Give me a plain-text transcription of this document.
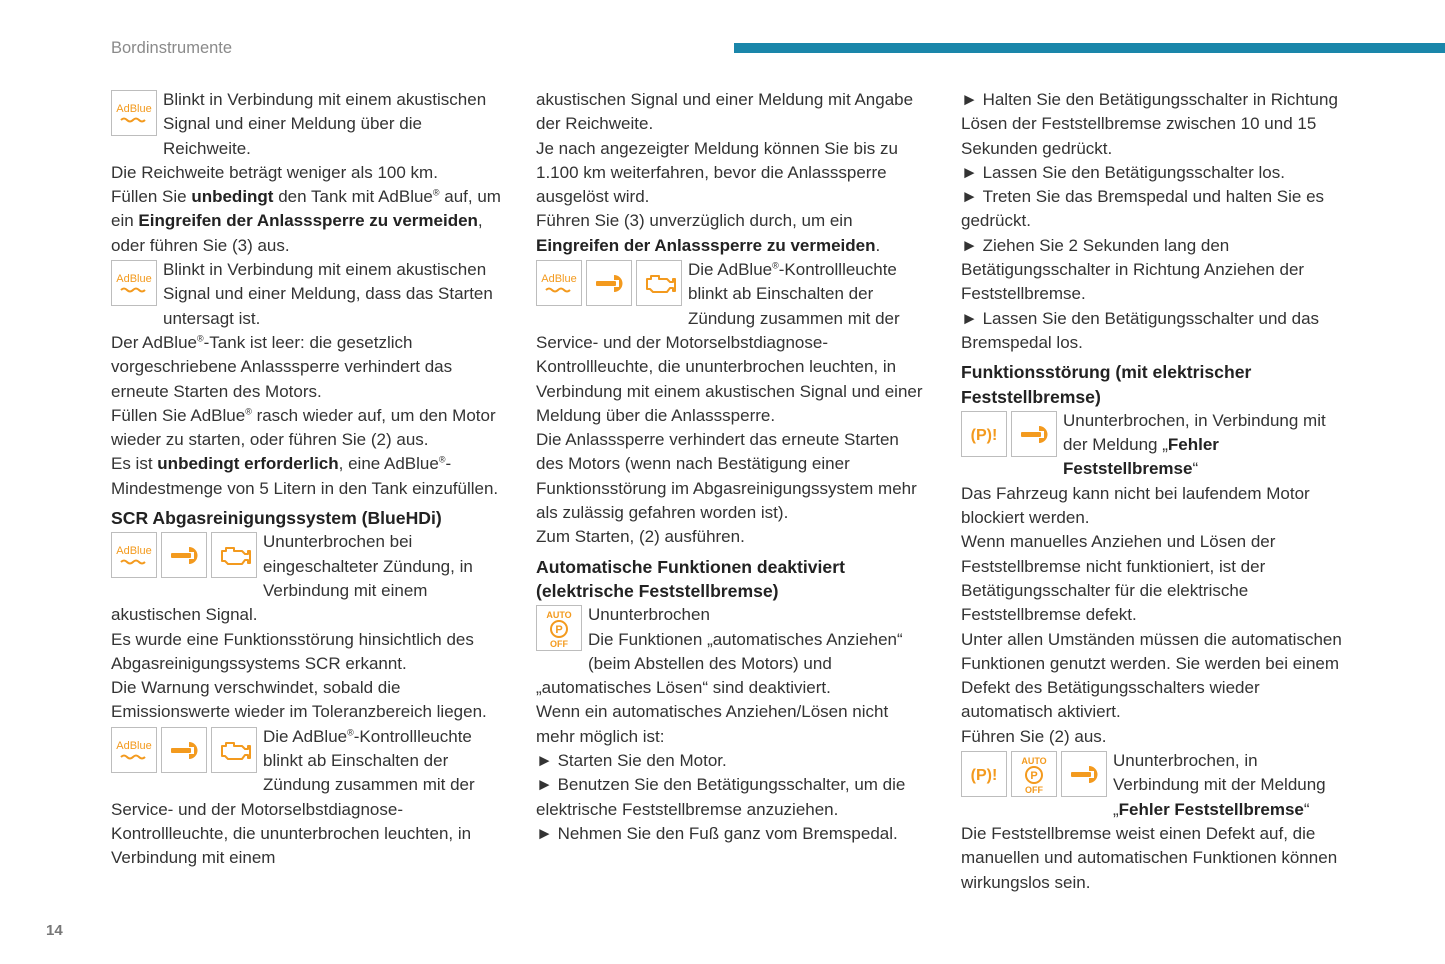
Bordinstrumente
AdBlue Blinkt in Verbindung mit einem akustischen
Signal und einer Meldung über die
Reichweite.

Die Reichweite beträgt weniger als 100 km.

Füllen Sie unbedingt den Tank mit AdBlue® auf, um ein Eingreifen der Anlasssperre zu vermeiden, oder führen Sie (3) aus.

AdBlue Blinkt in Verbindung mit einem akustischen
Signal und einer Meldung, dass das Starten
untersagt ist.

Der AdBlue®-Tank ist leer: die gesetzlich vorgeschriebene Anlasssperre verhindert das erneute Starten des Motors.

Füllen Sie AdBlue® rasch wieder auf, um den Motor wieder zu starten, oder führen Sie (2) aus.

Es ist unbedingt erforderlich, eine AdBlue®-Mindestmenge von 5 Litern in den Tank einzufüllen.

SCR Abgasreinigungssystem (BlueHDi)
AdBlue	Ununterbrochen bei
eingeschalteter Zündung, in
Verbindung mit einem akustischen Signal.

Es wurde eine Funktionsstörung hinsichtlich des Abgasreinigungssystems SCR erkannt.

Die Warnung verschwindet, sobald die Emissionswerte wieder im Toleranzbereich liegen.

AdBlue	Die AdBlue®-Kontrollleuchte
blinkt ab Einschalten der
Zündung zusammen mit der Service- und der Motorselbstdiagnose-Kontrollleuchte, die ununterbrochen leuchten, in Verbindung mit einem

akustischen Signal und einer Meldung mit Angabe der Reichweite.

Je nach angezeigter Meldung können Sie bis zu 1.100 km weiterfahren, bevor die Anlasssperre ausgelöst wird.

Führen Sie (3) unverzüglich durch, um ein Eingreifen der Anlasssperre zu vermeiden.

AdBlue	Die AdBlue®-Kontrollleuchte
blinkt ab Einschalten der
Zündung zusammen mit der Service- und der Motorselbstdiagnose-Kontrollleuchte, die ununterbrochen leuchten, in Verbindung mit einem akustischen Signal und einer Meldung über die Anlasssperre.

Die Anlasssperre verhindert das erneute Starten des Motors (wenn nach Bestätigung einer Funktionsstörung im Abgasreinigungssystem mehr als zulässig gefahren worden ist).

Zum Starten, (2) ausführen.

Automatische Funktionen deaktiviert (elektrische Feststellbremse)
AUTO
P
OFF

Ununterbrochen
Die Funktionen „automatisches Anziehen“
(beim Abstellen des Motors) und „automatisches Lösen“ sind deaktiviert.

Wenn ein automatisches Anziehen/Lösen nicht mehr möglich ist:

► Starten Sie den Motor.

► Benutzen Sie den Betätigungsschalter, um die elektrische Feststellbremse anzuziehen.

► Nehmen Sie den Fuß ganz vom Bremspedal.

► Halten Sie den Betätigungsschalter in Richtung Lösen der Feststellbremse zwischen 10 und 15 Sekunden gedrückt.

► Lassen Sie den Betätigungsschalter los.

► Treten Sie das Bremspedal und halten Sie es gedrückt.

► Ziehen Sie 2 Sekunden lang den Betätigungsschalter in Richtung Anziehen der Feststellbremse.

► Lassen Sie den Betätigungsschalter und das Bremspedal los.

Funktionsstörung (mit elektrischer Feststellbremse)
(P)!

Ununterbrochen, in Verbindung mit
der Meldung „Fehler
Feststellbremse“

Das Fahrzeug kann nicht bei laufendem Motor blockiert werden.

Wenn manuelles Anziehen und Lösen der Feststellbremse nicht funktioniert, ist der Betätigungsschalter für die elektrische Feststellbremse defekt.

Unter allen Umständen müssen die automatischen Funktionen genutzt werden. Sie werden bei einem Defekt des Betätigungsschalters wieder automatisch aktiviert.

Führen Sie (2) aus.

(P)!
AUTO
P
OFF

Ununterbrochen, in
Verbindung mit der Meldung
„Fehler Feststellbremse“

Die Feststellbremse weist einen Defekt auf, die manuellen und automatischen Funktionen können wirkungslos sein.

14
